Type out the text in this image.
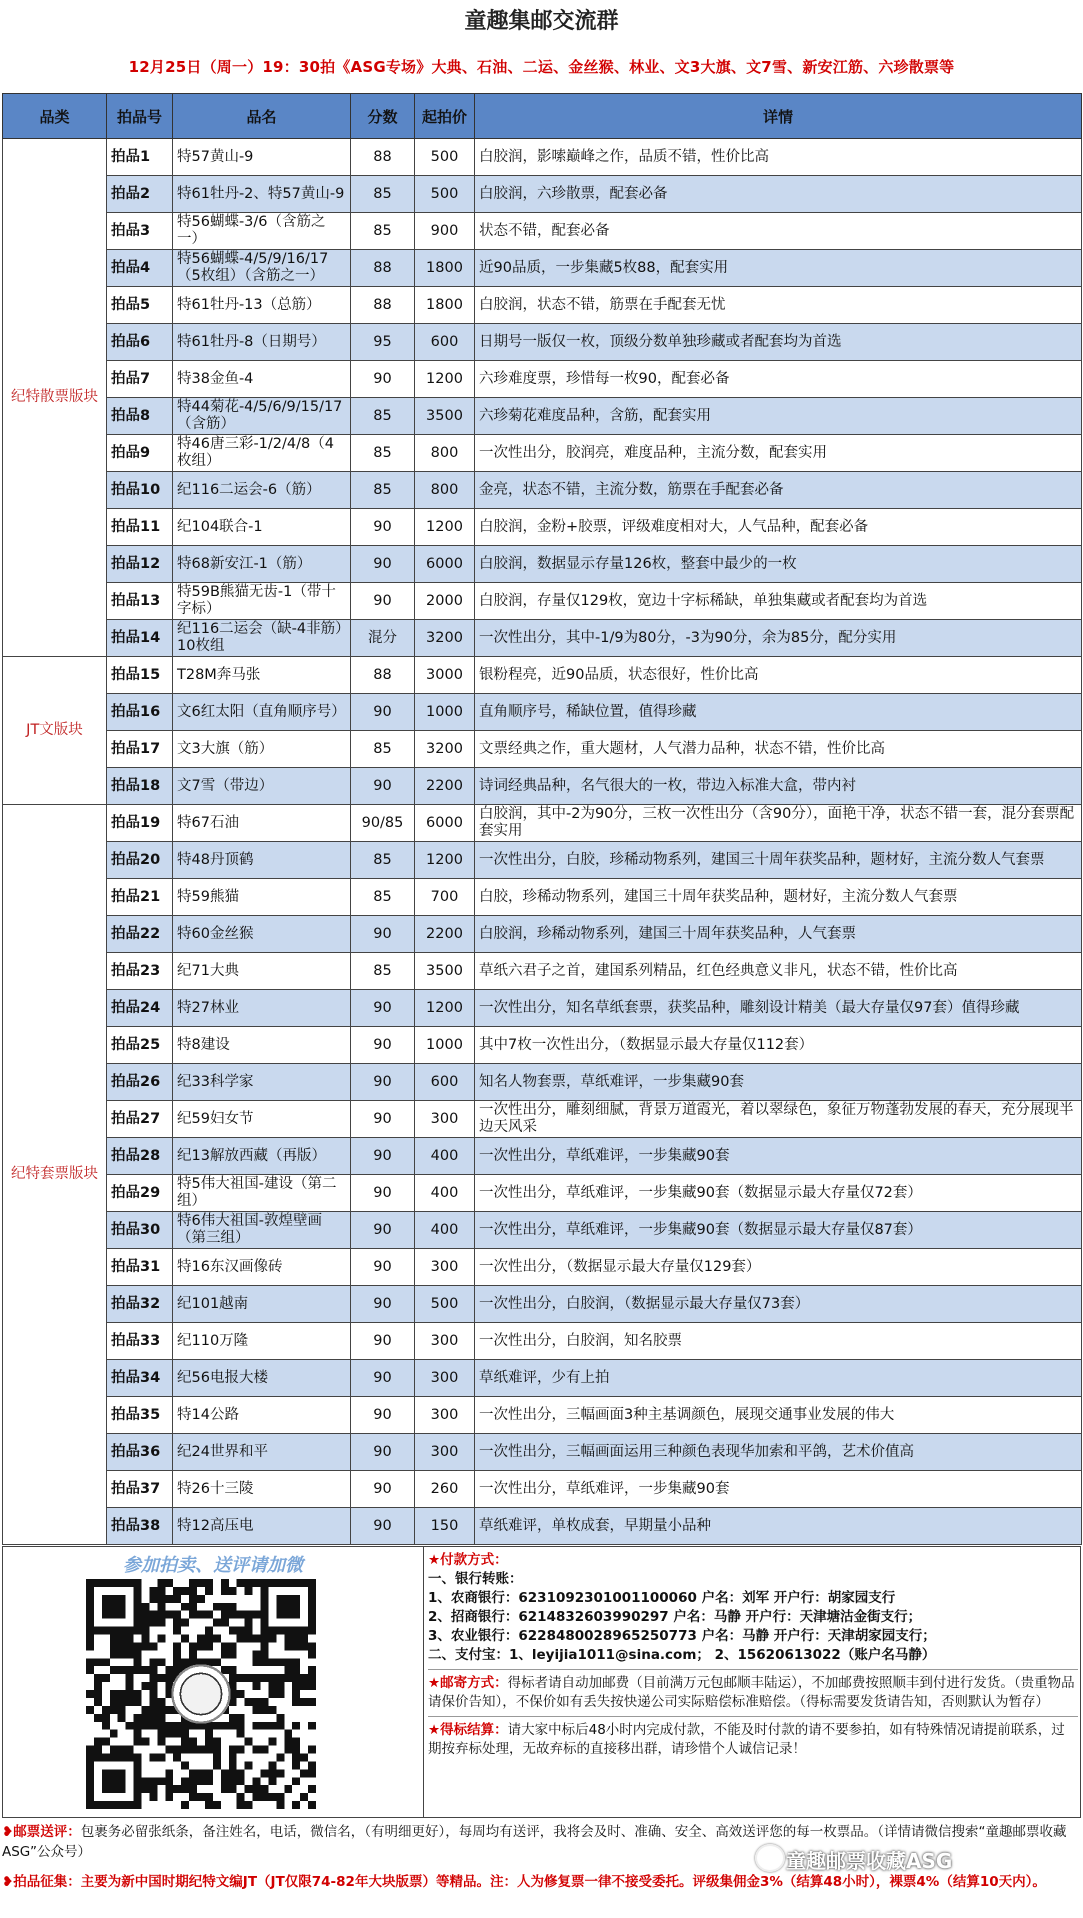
童趣集邮交流群
12月25日（周一）19：30拍《ASG专场》大典、石油、二运、金丝猴、林业、文3大旗、文7雪、新安江筋、六珍散票等
品类	拍品号	品名	分数	起拍价	详情
纪特散票版块	拍品1	特57黄山-9	88	500	白胶润，影嗦巅峰之作，品质不错，性价比高
	拍品2	特61牡丹-2、特57黄山-9	85	500	白胶润，六珍散票，配套必备
	拍品3	特56蝴蝶-3/6（含筋之一）	85	900	状态不错，配套必备
	拍品4	特56蝴蝶-4/5/9/16/17（5枚组）（含筋之一）	88	1800	近90品质，一步集藏5枚88，配套实用
	拍品5	特61牡丹-13（总筋）	88	1800	白胶润，状态不错，筋票在手配套无忧
	拍品6	特61牡丹-8（日期号）	95	600	日期号一版仅一枚，顶级分数单独珍藏或者配套均为首选
	拍品7	特38金鱼-4	90	1200	六珍难度票，珍惜每一枚90，配套必备
	拍品8	特44菊花-4/5/6/9/15/17（含筋）	85	3500	六珍菊花难度品种，含筋，配套实用
	拍品9	特46唐三彩-1/2/4/8（4枚组）	85	800	一次性出分，胶润亮，难度品种，主流分数，配套实用
	拍品10	纪116二运会-6（筋）	85	800	金亮，状态不错，主流分数，筋票在手配套必备
	拍品11	纪104联合-1	90	1200	白胶润，金粉+胶票，评级难度相对大，人气品种，配套必备
	拍品12	特68新安江-1（筋）	90	6000	白胶润，数据显示存量126枚，整套中最少的一枚
	拍品13	特59B熊猫无齿-1（带十字标）	90	2000	白胶润，存量仅129枚，宽边十字标稀缺，单独集藏或者配套均为首选
	拍品14	纪116二运会（缺-4非筋）10枚组	混分	3200	一次性出分，其中-1/9为80分，-3为90分，余为85分，配分实用
JT文版块	拍品15	T28M奔马张	88	3000	银粉程亮，近90品质，状态很好，性价比高
	拍品16	文6红太阳（直角顺序号）	90	1000	直角顺序号，稀缺位置，值得珍藏
	拍品17	文3大旗（筋）	85	3200	文票经典之作，重大题材，人气潜力品种，状态不错，性价比高
	拍品18	文7雪（带边）	90	2200	诗词经典品种，名气很大的一枚，带边入标准大盒，带内衬
纪特套票版块	拍品19	特67石油	90/85	6000	白胶润，其中-2为90分，三枚一次性出分（含90分），面艳干净，状态不错一套，混分套票配套实用
	拍品20	特48丹顶鹤	85	1200	一次性出分，白胶，珍稀动物系列，建国三十周年获奖品种，题材好，主流分数人气套票
	拍品21	特59熊猫	85	700	白胶，珍稀动物系列，建国三十周年获奖品种，题材好，主流分数人气套票
	拍品22	特60金丝猴	90	2200	白胶润，珍稀动物系列，建国三十周年获奖品种，人气套票
	拍品23	纪71大典	85	3500	草纸六君子之首，建国系列精品，红色经典意义非凡，状态不错，性价比高
	拍品24	特27林业	90	1200	一次性出分，知名草纸套票，获奖品种，雕刻设计精美（最大存量仅97套）值得珍藏
	拍品25	特8建设	90	1000	其中7枚一次性出分，（数据显示最大存量仅112套）
	拍品26	纪33科学家	90	600	知名人物套票，草纸难评，一步集藏90套
	拍品27	纪59妇女节	90	300	一次性出分，雕刻细腻，背景万道霞光，着以翠绿色，象征万物蓬勃发展的春天，充分展现半边天风采
	拍品28	纪13解放西藏（再版）	90	400	一次性出分，草纸难评，一步集藏90套
	拍品29	特5伟大祖国-建设（第二组）	90	400	一次性出分，草纸难评，一步集藏90套（数据显示最大存量仅72套）
	拍品30	特6伟大祖国-敦煌壁画（第三组）	90	400	一次性出分，草纸难评，一步集藏90套（数据显示最大存量仅87套）
	拍品31	特16东汉画像砖	90	300	一次性出分，（数据显示最大存量仅129套）
	拍品32	纪101越南	90	500	一次性出分，白胶润，（数据显示最大存量仅73套）
	拍品33	纪110万隆	90	300	一次性出分，白胶润，知名胶票
	拍品34	纪56电报大楼	90	300	草纸难评，少有上拍
	拍品35	特14公路	90	300	一次性出分，三幅画面3种主基调颜色，展现交通事业发展的伟大
	拍品36	纪24世界和平	90	300	一次性出分，三幅画面运用三种颜色表现华加索和平鸽，艺术价值高
	拍品37	特26十三陵	90	260	一次性出分，草纸难评，一步集藏90套
	拍品38	特12高压电	90	150	草纸难评，单枚成套，早期量小品种
参加拍卖、送评请加微	★付款方式：
一、银行转账：
1、农商银行：6231092301001100060 户名：刘军 开户行：胡家园支行
2、招商银行：6214832603990297 户名：马静 开户行：天津塘沽金街支行；
3、农业银行：6228480028965250773 户名：马静 开户行：天津胡家园支行；
二、支付宝：1、leyijia1011@sina.com； 2、15620613022（账户名马静）
★邮寄方式：得标者请自动加邮费（目前满万元包邮顺丰陆运），不加邮费按照顺丰到付进行发货。（贵重物品请保价告知），不保价如有丢失按快递公司实际赔偿标准赔偿。（得标需要发货请告知，否则默认为暂存）
★得标结算：请大家中标后48小时内完成付款，不能及时付款的请不要参拍，如有特殊情况请提前联系，过期按弃标处理，无故弃标的直接移出群，请珍惜个人诚信记录！
❥邮票送评：包裹务必留张纸条，备注姓名，电话，微信名，（有明细更好），每周均有送评，我将会及时、准确、安全、高效送评您的每一枚票品。（详情请微信搜索“童趣邮票收藏ASG”公众号）
❥拍品征集：主要为新中国时期纪特文编JT（JT仅限74-82年大块版票）等精品。注：人为修复票一律不接受委托。评级集佣金3%（结算48小时），裸票4%（结算10天内）。
童趣邮票收藏ASG
